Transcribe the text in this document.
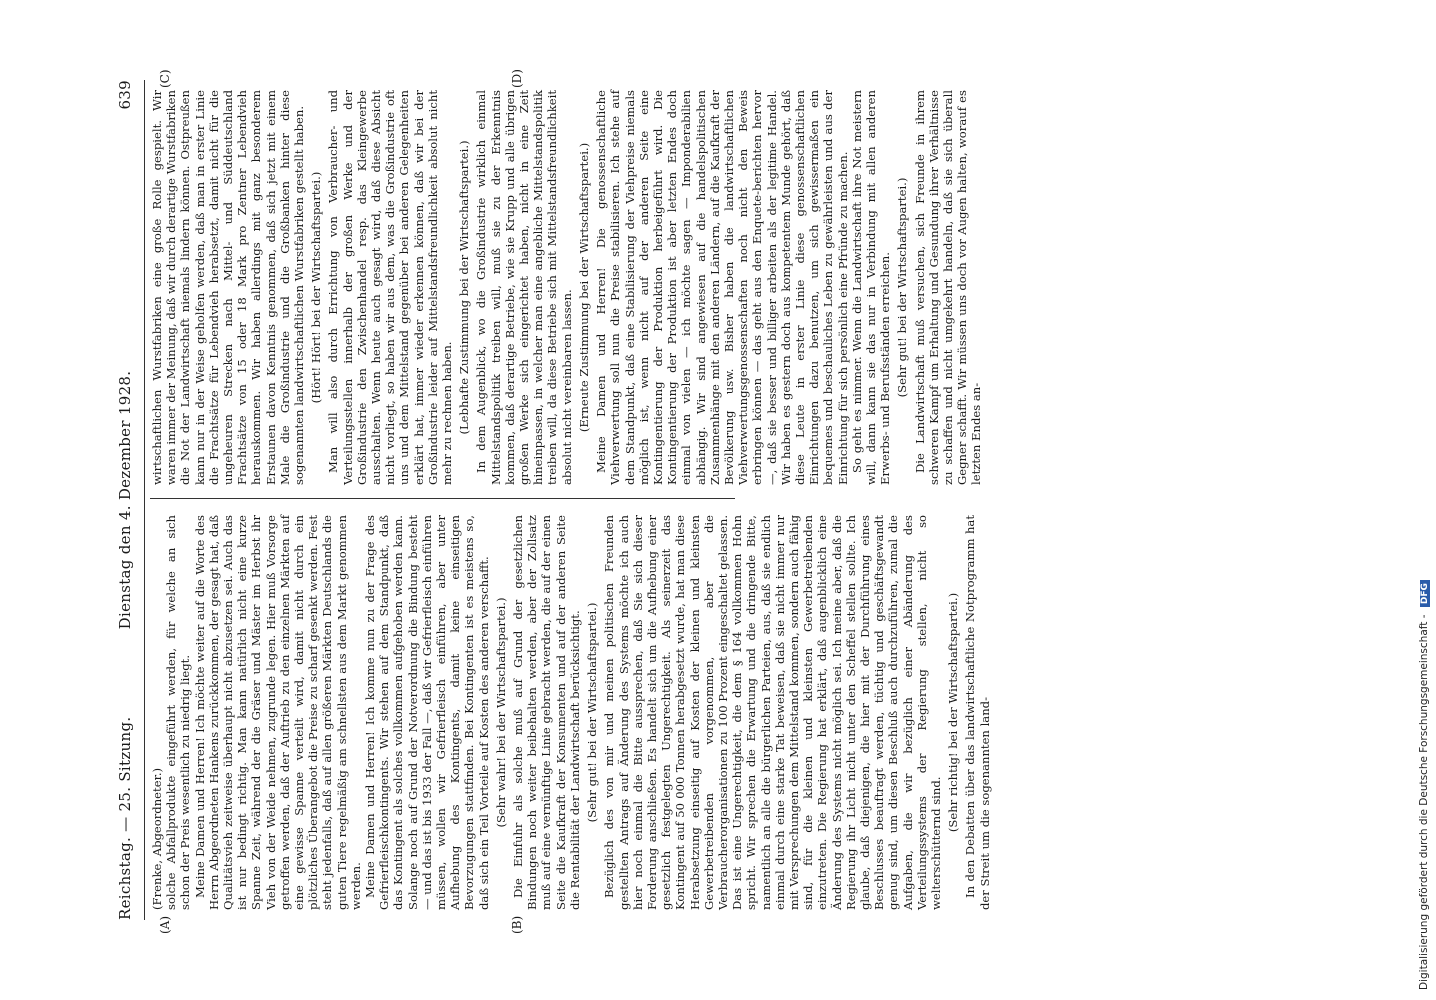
Reichstag. — 25. Sitzung.
Dienstag den 4. Dezember 1928.
639
(A)	(B)
(C)	(D)

(Frenke, Abgeordneter.) solche Abfallprodukte eingeführt werden, für welche an sich schon der Preis wesentlich zu niedrig liegt. Meine Damen und Herren! Ich möchte weiter auf die Worte des Herrn Abgeordneten Hankens zurückkommen, der gesagt hat, daß Qualitätsvieh zeitweise überhaupt nicht abzusetzen sei. Auch das ist nur bedingt richtig. Man kann natürlich nicht eine kurze Spanne Zeit, während der die Gräser und Mäster im Herbst ihr Vieh von der Weide nehmen, zugrunde legen. Hier muß Vorsorge getroffen werden, daß der Auftrieb zu den einzelnen Märkten auf eine gewisse Spanne verteilt wird, damit nicht durch ein plötzliches Überangebot die Preise zu scharf gesenkt werden. Fest steht jedenfalls, daß auf allen größeren Märkten Deutschlands die guten Tiere regelmäßig am schnellsten aus dem Markt genommen werden. Meine Damen und Herren! Ich komme nun zu der Frage des Gefrierfleischkontingents. Wir stehen auf dem Standpunkt, daß das Kontingent als solches vollkommen aufgehoben werden kann. Solange noch auf Grund der Notverordnung die Bindung besteht — und das ist bis 1933 der Fall —, daß wir Gefrierfleisch einführen müssen, wollen wir Gefrierfleisch einführen, aber unter Aufhebung des Kontingents, damit keine einseitigen Bevorzugungen stattfinden. Bei Kontingenten ist es meistens so, daß sich ein Teil Vorteile auf Kosten des anderen verschafft. (Sehr wahr! bei der Wirtschaftspartei.) Die Einfuhr als solche muß auf Grund der gesetzlichen Bindungen noch weiter beibehalten werden, aber der Zollsatz muß auf eine vernünftige Linie gebracht werden, die auf der einen Seite die Kaufkraft der Konsumenten und auf der anderen Seite die Rentabilität der Landwirtschaft berücksichtigt. (Sehr gut! bei der Wirtschaftspartei.) Bezüglich des von mir und meinen politischen Freunden gestellten Antrags auf Änderung des Systems möchte ich auch hier noch einmal die Bitte aussprechen, daß Sie sich dieser Forderung anschließen. Es handelt sich um die Aufhebung einer gesetzlich festgelegten Ungerechtigkeit. Als seinerzeit das Kontingent auf 50 000 Tonnen herabgesetzt wurde, hat man diese Herabsetzung einseitig auf Kosten der kleinen und kleinsten Gewerbetreibenden vorgenommen, aber die Verbraucherorganisationen zu 100 Prozent eingeschaltet gelassen. Das ist eine Ungerechtigkeit, die dem § 164 vollkommen Hohn spricht. Wir sprechen die Erwartung und die dringende Bitte, namentlich an alle die bürgerlichen Parteien, aus, daß sie endlich einmal durch eine starke Tat beweisen, daß sie nicht immer nur mit Versprechungen dem Mittelstand kommen, sondern auch fähig sind, für die kleinen und kleinsten Gewerbetreibenden einzutreten. Die Regierung hat erklärt, daß augenblicklich eine Änderung des Systems nicht möglich sei. Ich meine aber, daß die Regierung ihr Licht nicht unter den Scheffel stellen sollte. Ich glaube, daß diejenigen, die hier mit der Durchführung eines Beschlusses beauftragt werden, tüchtig und geschäftsgewandt genug sind, um diesen Beschluß auch durchzuführen, zumal die Aufgaben, die wir bezüglich einer Abänderung des Verteilungssystems der Regierung stellen, nicht so welterschütternd sind.

(Sehr richtig! bei der Wirtschaftspartei.) In den Debatten über das landwirtschaftliche Notprogramm hat der Streit um die sogenannten land-

wirtschaftlichen Wurstfabriken eine große Rolle gespielt. Wir waren immer der Meinung, daß wir durch derartige Wurstfabriken die Not der Landwirtschaft niemals lindern können. Ostpreußen kann nur in der Weise geholfen werden, daß man in erster Linie die Frachtsätze für Lebendvieh herabsetzt, damit nicht für die ungeheuren Strecken nach Mittel- und Süddeutschland Frachtsätze von 15 oder 18 Mark pro Zentner Lebendvieh herauskommen. Wir haben allerdings mit ganz besonderem Erstaunen davon Kenntnis genommen, daß sich jetzt mit einem Male die Großindustrie und die Großbanken hinter diese sogenannten landwirtschaftlichen Wurstfabriken gestellt haben. (Hört! Hört! bei der Wirtschaftspartei.) Man will also durch Errichtung von Verbraucher- und Verteilungsstellen innerhalb der großen Werke und der Großindustrie den Zwischenhandel resp. das Kleingewerbe ausschalten. Wenn heute auch gesagt wird, daß diese Absicht nicht vorliegt, so haben wir aus dem, was die Großindustrie oft uns und dem Mittelstand gegenüber bei anderen Gelegenheiten erklärt hat, immer wieder erkennen können, daß wir bei der Großindustrie leider auf Mittelstandsfreundlichkeit absolut nicht mehr zu rechnen haben. (Lebhafte Zustimmung bei der Wirtschaftspartei.) In dem Augenblick, wo die Großindustrie wirklich einmal Mittelstandspolitik treiben will, muß sie zu der Erkenntnis kommen, daß derartige Betriebe, wie sie Krupp und alle übrigen großen Werke sich eingerichtet haben, nicht in eine Zeit hineinpassen, in welcher man eine angebliche Mittelstandspolitik treiben will, da diese Betriebe sich mit Mittelstandsfreundlichkeit absolut nicht vereinbaren lassen. (Erneute Zustimmung bei der Wirtschaftspartei.) Meine Damen und Herren! Die genossenschaftliche Viehverwertung soll nun die Preise stabilisieren. Ich stehe auf dem Standpunkt, daß eine Stabilisierung der Viehpreise niemals möglich ist, wenn nicht auf der anderen Seite eine Kontingentierung der Produktion herbeigeführt wird. Die Kontingentierung der Produktion ist aber letzten Endes doch einmal von vielen — ich möchte sagen — Imponderabilien abhängig. Wir sind angewiesen auf die handelspolitischen Zusammenhänge mit den anderen Ländern, auf die Kaufkraft der Bevölkerung usw. Bisher haben die landwirtschaftlichen Viehverwertungsgenossenschaften noch nicht den Beweis erbringen können — das geht aus den Enquete-berichten hervor —, daß sie besser und billiger arbeiten als der legitime Handel. Wir haben es gestern doch aus kompetentem Munde gehört, daß diese Leute in erster Linie diese genossenschaftlichen Einrichtungen dazu benutzen, um sich gewissermaßen ein bequemes und beschauliches Leben zu gewährleisten und aus der Einrichtung für sich persönlich eine Pfründe zu machen. So geht es nimmer. Wenn die Landwirtschaft ihre Not meistern will, dann kann sie das nur in Verbindung mit allen anderen Erwerbs- und Berufsständen erreichen. (Sehr gut! bei der Wirtschaftspartei.) Die Landwirtschaft muß versuchen, sich Freunde in ihrem schweren Kampf um Erhaltung und Gesundung ihrer Verhältnisse zu schaffen und nicht umgekehrt handeln, daß sie sich überall Gegner schafft. Wir müssen uns doch vor Augen halten, worauf es letzten Endes an-

Digitalisierung gefördert durch die Deutsche Forschungsgemeinschaft - DFG
